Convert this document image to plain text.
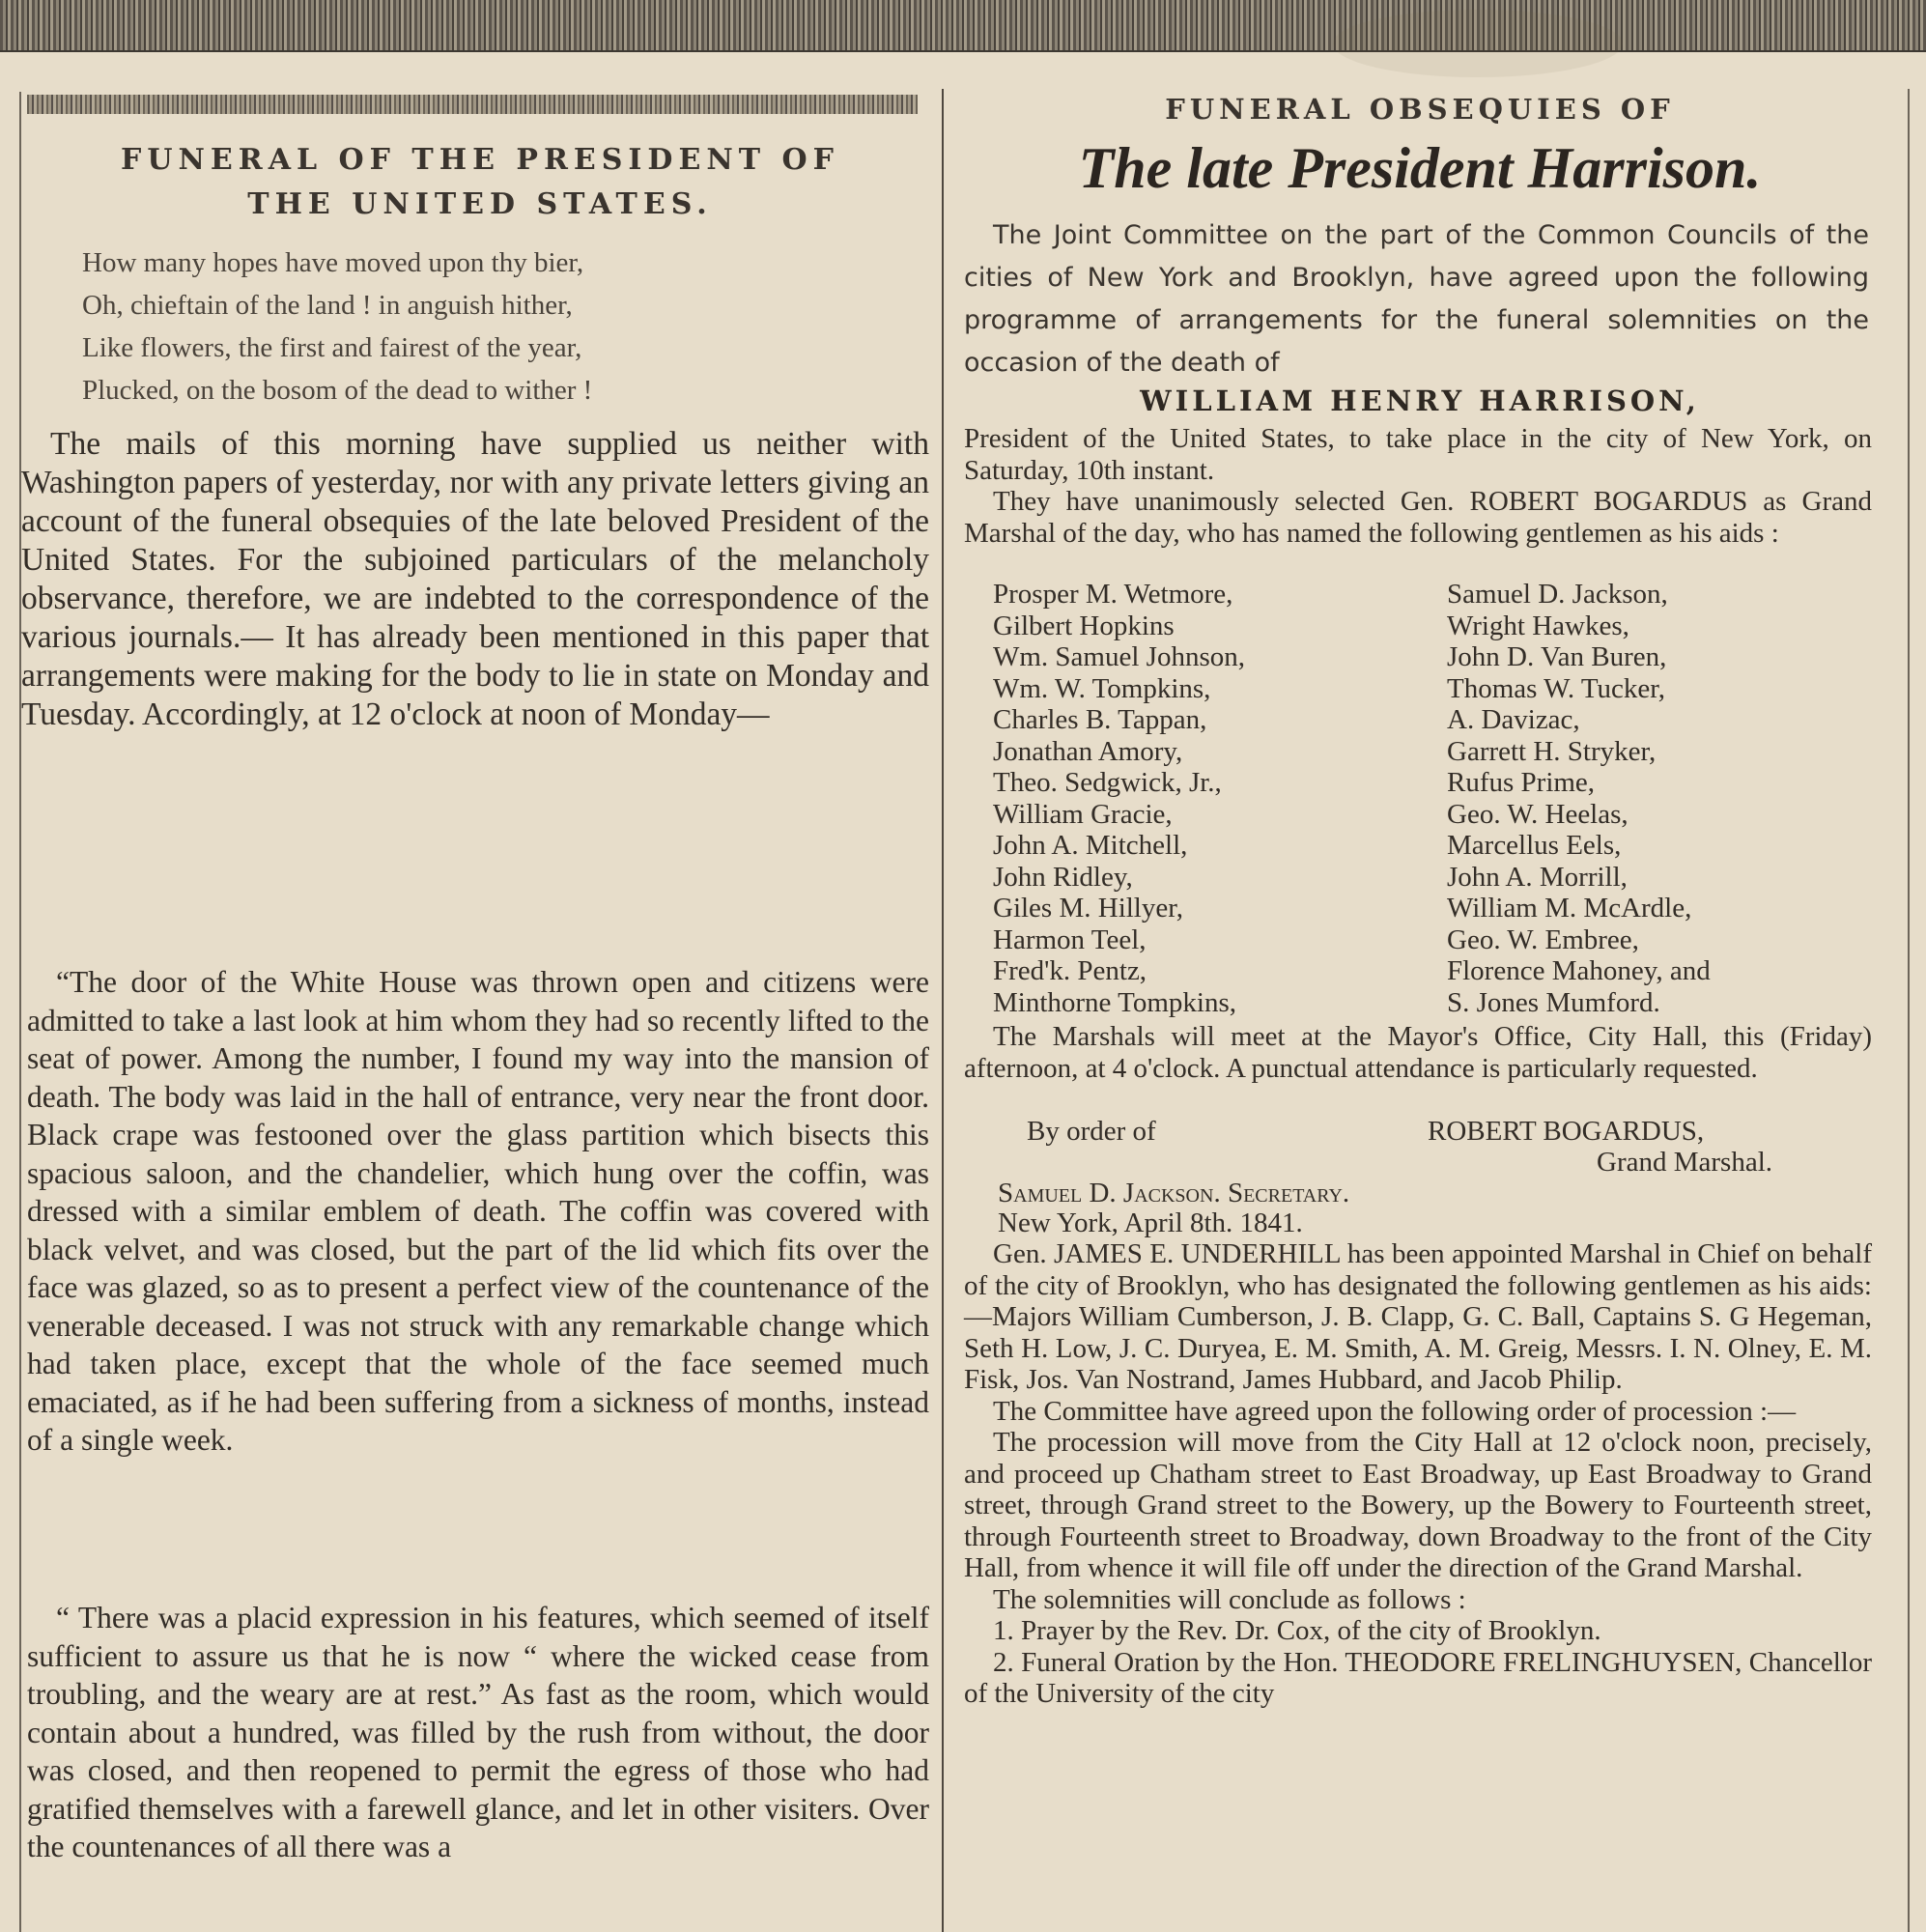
FUNERAL OF THE PRESIDENT OF
THE UNITED STATES.
How many hopes have moved upon thy bier,
Oh, chieftain of the land ! in anguish hither,
Like flowers, the first and fairest of the year,
Plucked, on the bosom of the dead to wither !

The mails of this morning have supplied us neither with Washington papers of yesterday, nor with any private letters giving an account of the funeral obsequies of the late beloved President of the United States. For the subjoined particulars of the melancholy observance, therefore, we are indebted to the correspondence of the various journals.— It has already been mentioned in this paper that arrangements were making for the body to lie in state on Monday and Tuesday. Accordingly, at 12 o'clock at noon of Monday—

“The door of the White House was thrown open and citizens were admitted to take a last look at him whom they had so recently lifted to the seat of power. Among the number, I found my way into the mansion of death. The body was laid in the hall of entrance, very near the front door. Black crape was festooned over the glass partition which bisects this spacious saloon, and the chandelier, which hung over the coffin, was dressed with a similar emblem of death. The coffin was covered with black velvet, and was closed, but the part of the lid which fits over the face was glazed, so as to present a perfect view of the countenance of the venerable deceased. I was not struck with any remarkable change which had taken place, except that the whole of the face seemed much emaciated, as if he had been suffering from a sickness of months, instead of a single week.

“ There was a placid expression in his features, which seemed of itself sufficient to assure us that he is now “ where the wicked cease from troubling, and the weary are at rest.” As fast as the room, which would contain about a hundred, was filled by the rush from without, the door was closed, and then reopened to permit the egress of those who had gratified themselves with a farewell glance, and let in other visiters. Over the countenances of all there was a

FUNERAL OBSEQUIES OF
The late President Harrison.

The Joint Committee on the part of the Common Councils of the cities of New York and Brooklyn, have agreed upon the following programme of arrangements for the funeral solemnities on the occasion of the death of

WILLIAM HENRY HARRISON,

President of the United States, to take place in the city of New York, on Saturday, 10th instant.

They have unanimously selected Gen. ROBERT BOGARDUS as Grand Marshal of the day, who has named the following gentlemen as his aids :

Prosper M. Wetmore,
Gilbert Hopkins
Wm. Samuel Johnson,
Wm. W. Tompkins,
Charles B. Tappan,
Jonathan Amory,
Theo. Sedgwick, Jr.,
William Gracie,
John A. Mitchell,
John Ridley,
Giles M. Hillyer,
Harmon Teel,
Fred'k. Pentz,
Minthorne Tompkins,
Samuel D. Jackson,
Wright Hawkes,
John D. Van Buren,
Thomas W. Tucker,
A. Davizac,
Garrett H. Stryker,
Rufus Prime,
Geo. W. Heelas,
Marcellus Eels,
John A. Morrill,
William M. McArdle,
Geo. W. Embree,
Florence Mahoney, and
S. Jones Mumford.

The Marshals will meet at the Mayor's Office, City Hall, this (Friday) afternoon, at 4 o'clock. A punctual attendance is particularly requested.

By order of	ROBERT BOGARDUS,
Grand Marshal.
Samuel D. Jackson. Secretary.
New York, April 8th. 1841.

Gen. JAMES E. UNDERHILL has been appointed Marshal in Chief on behalf of the city of Brooklyn, who has designated the following gentlemen as his aids:—Majors William Cumberson, J. B. Clapp, G. C. Ball, Captains S. G Hegeman, Seth H. Low, J. C. Duryea, E. M. Smith, A. M. Greig, Messrs. I. N. Olney, E. M. Fisk, Jos. Van Nostrand, James Hubbard, and Jacob Philip.

The Committee have agreed upon the following order of procession :—

The procession will move from the City Hall at 12 o'clock noon, precisely, and proceed up Chatham street to East Broadway, up East Broadway to Grand street, through Grand street to the Bowery, up the Bowery to Fourteenth street, through Fourteenth street to Broadway, down Broadway to the front of the City Hall, from whence it will file off under the direction of the Grand Marshal.

The solemnities will conclude as follows :

1. Prayer by the Rev. Dr. Cox, of the city of Brooklyn.

2. Funeral Oration by the Hon. THEODORE FRELINGHUYSEN, Chancellor of the University of the city
